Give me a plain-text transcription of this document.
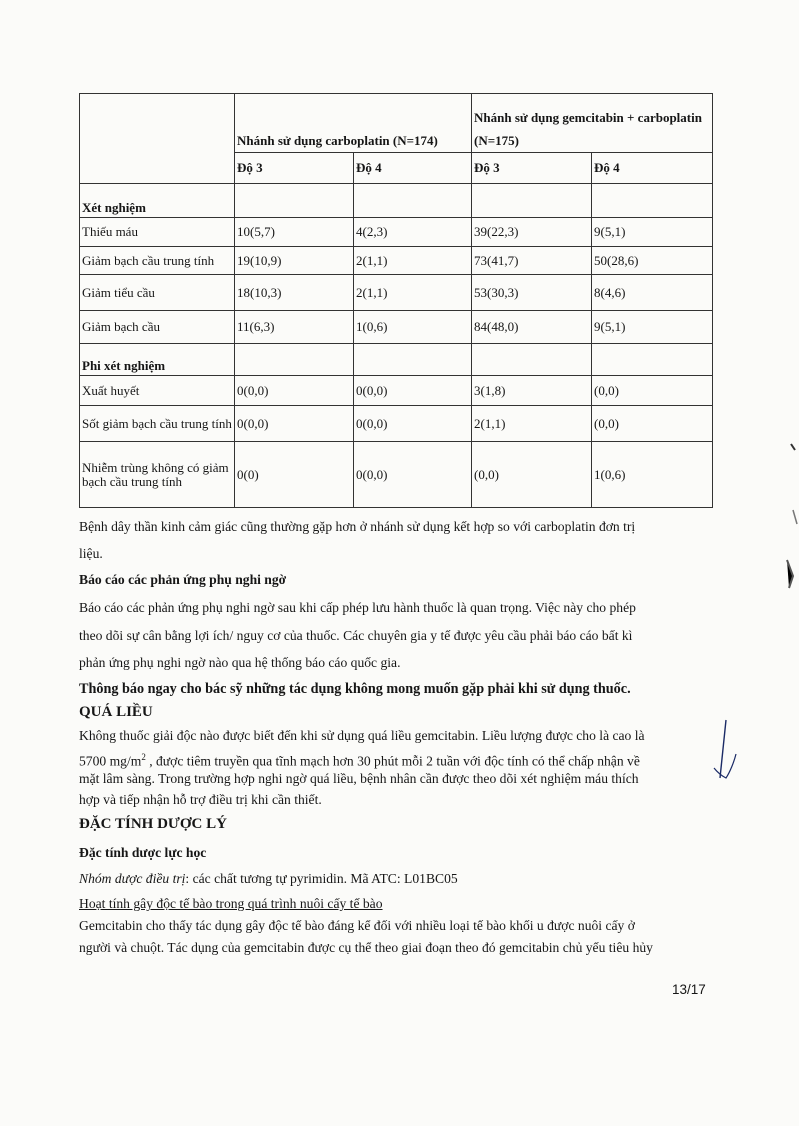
	Nhánh sử dụng carboplatin (N=174)		Nhánh sử dụng gemcitabin + carboplatin (N=175)	
	Độ 3	Độ 4	Độ 3	Độ 4
Xét nghiệm				
Thiếu máu	10(5,7)	4(2,3)	39(22,3)	9(5,1)
Giảm bạch cầu trung tính	19(10,9)	2(1,1)	73(41,7)	50(28,6)
Giảm tiểu cầu	18(10,3)	2(1,1)	53(30,3)	8(4,6)
Giảm bạch cầu	11(6,3)	1(0,6)	84(48,0)	9(5,1)
Phi xét nghiệm				
Xuất huyết	0(0,0)	0(0,0)	3(1,8)	(0,0)
Sốt giảm bạch cầu trung tính	0(0,0)	0(0,0)	2(1,1)	(0,0)
Nhiễm trùng không có giảm bạch cầu trung tính	0(0)	0(0,0)	(0,0)	1(0,6)
Bệnh dây thần kinh cảm giác cũng thường gặp hơn ở nhánh sử dụng kết hợp so với carboplatin đơn trị
liệu.
Báo cáo các phản ứng phụ nghi ngờ
Báo cáo các phản ứng phụ nghi ngờ sau khi cấp phép lưu hành thuốc là quan trọng. Việc này cho phép
theo dõi sự cân bằng lợi ích/ nguy cơ của thuốc. Các chuyên gia y tế được yêu cầu phải báo cáo bất kì
phản ứng phụ nghi ngờ nào qua hệ thống báo cáo quốc gia.
Thông báo ngay cho bác sỹ những tác dụng không mong muốn gặp phải khi sử dụng thuốc.
QUÁ LIỀU
Không thuốc giải độc nào được biết đến khi sử dụng quá liều gemcitabin. Liều lượng được cho là cao là
5700 $mg/m^2$ , được tiêm truyền qua tĩnh mạch hơn 30 phút mỗi 2 tuần với độc tính có thể chấp nhận về
mặt lâm sàng. Trong trường hợp nghi ngờ quá liều, bệnh nhân cần được theo dõi xét nghiệm máu thích
hợp và tiếp nhận hỗ trợ điều trị khi cần thiết.
ĐẶC TÍNH DƯỢC LÝ
Đặc tính dược lực học
Nhóm dược điều trị: các chất tương tự pyrimidin. Mã ATC: L01BC05
Hoạt tính gây độc tế bào trong quá trình nuôi cấy tế bào
Gemcitabin cho thấy tác dụng gây độc tế bào đáng kể đối với nhiều loại tế bào khối u được nuôi cấy ở
người và chuột. Tác dụng của gemcitabin được cụ thể theo giai đoạn theo đó gemcitabin chủ yếu tiêu hủy
13/17
